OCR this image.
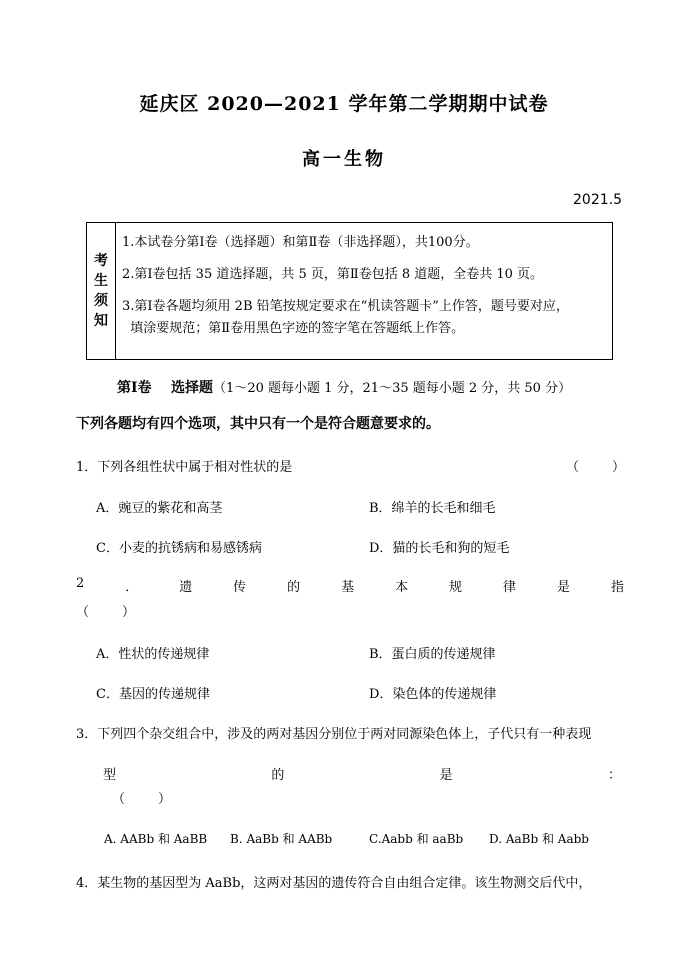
延庆区 2020—2021 学年第二学期期中试卷
高一生物
2021.5
考
生
须
知
1.本试卷分第Ⅰ卷（选择题）和第Ⅱ卷（非选择题），共100分。
2.第Ⅰ卷包括 35 道选择题，共 5 页，第Ⅱ卷包括 8 道题，全卷共 10 页。
3.第Ⅰ卷各题均须用 2B 铅笔按规定要求在“机读答题卡”上作答，题号要对应，
填涂要规范；第Ⅱ卷用黑色字迹的签字笔在答题纸上作答。
第Ⅰ卷    选择题（1～20 题每小题 1 分，21～35 题每小题 2 分，共 50 分）
下列各题均有四个选项，其中只有一个是符合题意要求的。
1．下列各组性状中属于相对性状的是	（        ）
A．豌豆的紫花和高茎	B．绵羊的长毛和细毛
C．小麦的抗锈病和易感锈病	D．猫的长毛和狗的短毛
2	．	遗	传	的	基	本	规	律	是	指
（        ）
A．性状的传递规律	B．蛋白质的传递规律
C．基因的传递规律	D．染色体的传递规律
3．下列四个杂交组合中，涉及的两对基因分别位于两对同源染色体上，子代只有一种表现
型	的	是	：
（        ）
A. AABb 和 AaBB B. AaBb 和 AABb	C.Aabb 和 aaBb D. AaBb 和 Aabb
4．某生物的基因型为 AaBb，这两对基因的遗传符合自由组合定律。该生物测交后代中，
